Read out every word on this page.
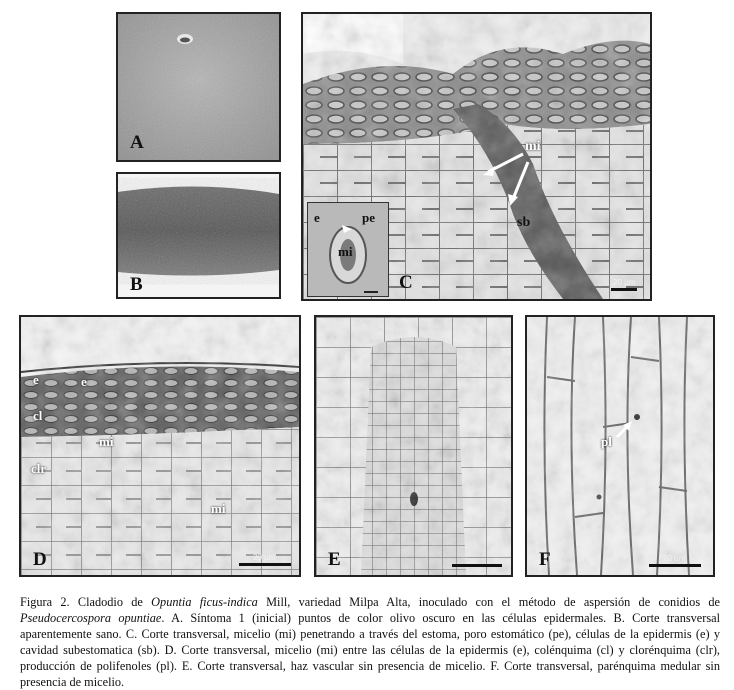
A
B
e	pe
mi
mi
sb
C	20 µm
e	e
cl
mi
clr
mi
D	20 µm	E
pl
F	20 µm
Figura 2. Cladodio de Opuntia ficus-indica Mill, variedad Milpa Alta, inoculado con el método de aspersión de conidios de Pseudocercospora opuntiae. A. Síntoma 1 (inicial) puntos de color olivo oscuro en las células epidermales. B. Corte transversal aparentemente sano. C. Corte transversal, micelio (mi) penetrando a través del estoma, poro estomático (pe), células de la epidermis (e) y cavidad subestomatica (sb). D. Corte transversal, micelio (mi) entre las células de la epidermis (e), colénquima (cl) y clorénquima (clr), producción de polifenoles (pl). E. Corte transversal, haz vascular sin presencia de micelio. F. Corte transversal, parénquima medular sin presencia de micelio.
